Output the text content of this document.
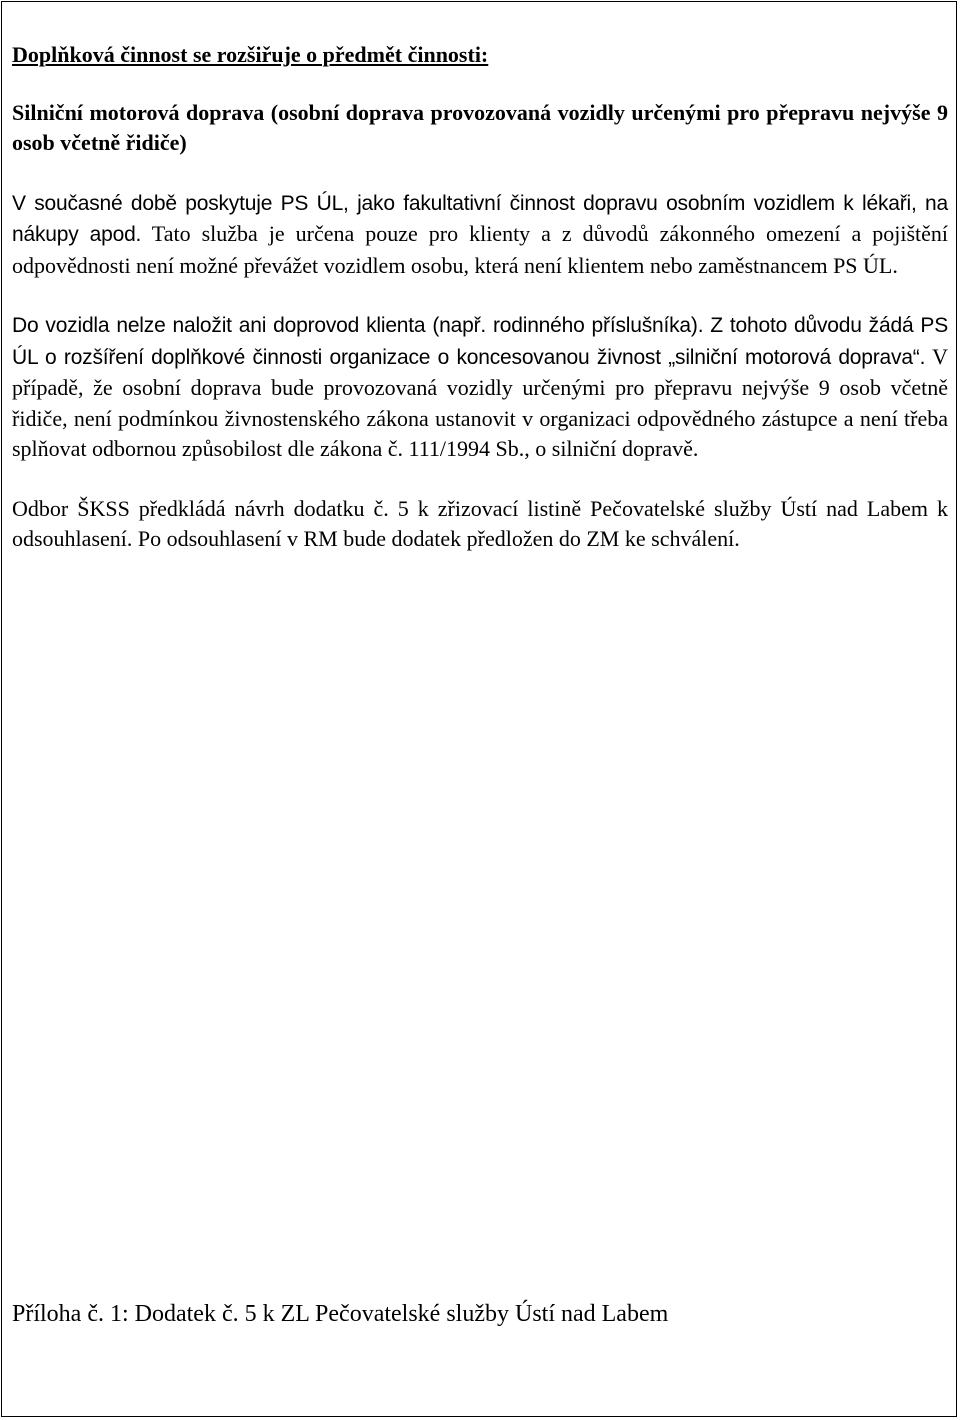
Doplňková činnost se rozšiřuje o předmět činnosti:
Silniční motorová doprava (osobní doprava provozovaná vozidly určenými pro přepravu nejvýše 9 osob včetně řidiče)

V současné době poskytuje PS ÚL, jako fakultativní činnost dopravu osobním vozidlem k lékaři, na nákupy apod. Tato služba je určena pouze pro klienty a z důvodů zákonného omezení a pojištění odpovědnosti není možné převážet vozidlem osobu, která není klientem nebo zaměstnancem PS ÚL.

Do vozidla nelze naložit ani doprovod klienta (např. rodinného příslušníka). Z tohoto důvodu žádá PS ÚL o rozšíření doplňkové činnosti organizace o koncesovanou živnost „silniční motorová doprava“. V případě, že osobní doprava bude provozovaná vozidly určenými pro přepravu nejvýše 9 osob včetně řidiče, není podmínkou živnostenského zákona ustanovit v organizaci odpovědného zástupce a není třeba splňovat odbornou způsobilost dle zákona č. 111/1994 Sb., o silniční dopravě.

Odbor ŠKSS předkládá návrh dodatku č. 5 k zřizovací listině Pečovatelské služby Ústí nad Labem k odsouhlasení. Po odsouhlasení v RM bude dodatek předložen do ZM ke schválení.

Příloha č. 1: Dodatek č. 5 k ZL Pečovatelské služby Ústí nad Labem
